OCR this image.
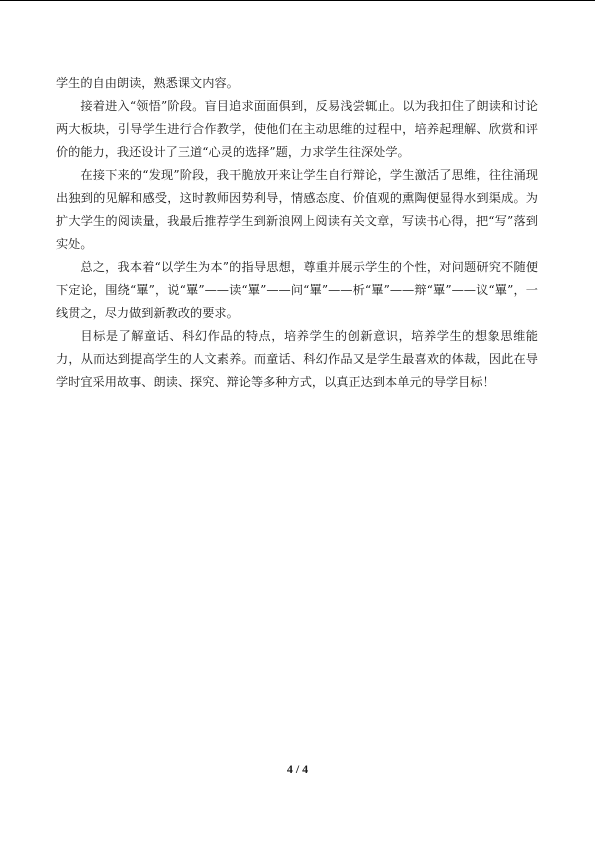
学生的自由朗读，熟悉课文内容。

接着进入“领悟”阶段。盲目追求面面俱到，反易浅尝辄止。以为我扣住了朗读和讨论两大板块，引导学生进行合作教学，使他们在主动思维的过程中，培养起理解、欣赏和评价的能力，我还设计了三道“心灵的选择”题，力求学生往深处学。

在接下来的“发现”阶段，我干脆放开来让学生自行辩论，学生激活了思维，往往涌现出独到的见解和感受，这时教师因势利导，情感态度、价值观的熏陶便显得水到渠成。为扩大学生的阅读量，我最后推荐学生到新浪网上阅读有关文章，写读书心得，把“写”落到实处。

总之，我本着“以学生为本”的指导思想，尊重并展示学生的个性，对问题研究不随便下定论，围绕“罼”，说“罼”——读“罼”——问“罼”——析“罼”——辩“罼”——议“罼”，一线贯之，尽力做到新教改的要求。

目标是了解童话、科幻作品的特点，培养学生的创新意识，培养学生的想象思维能力，从而达到提高学生的人文素养。而童话、科幻作品又是学生最喜欢的体裁，因此在导学时宜采用故事、朗读、探究、辩论等多种方式，以真正达到本单元的导学目标！

4 / 4
